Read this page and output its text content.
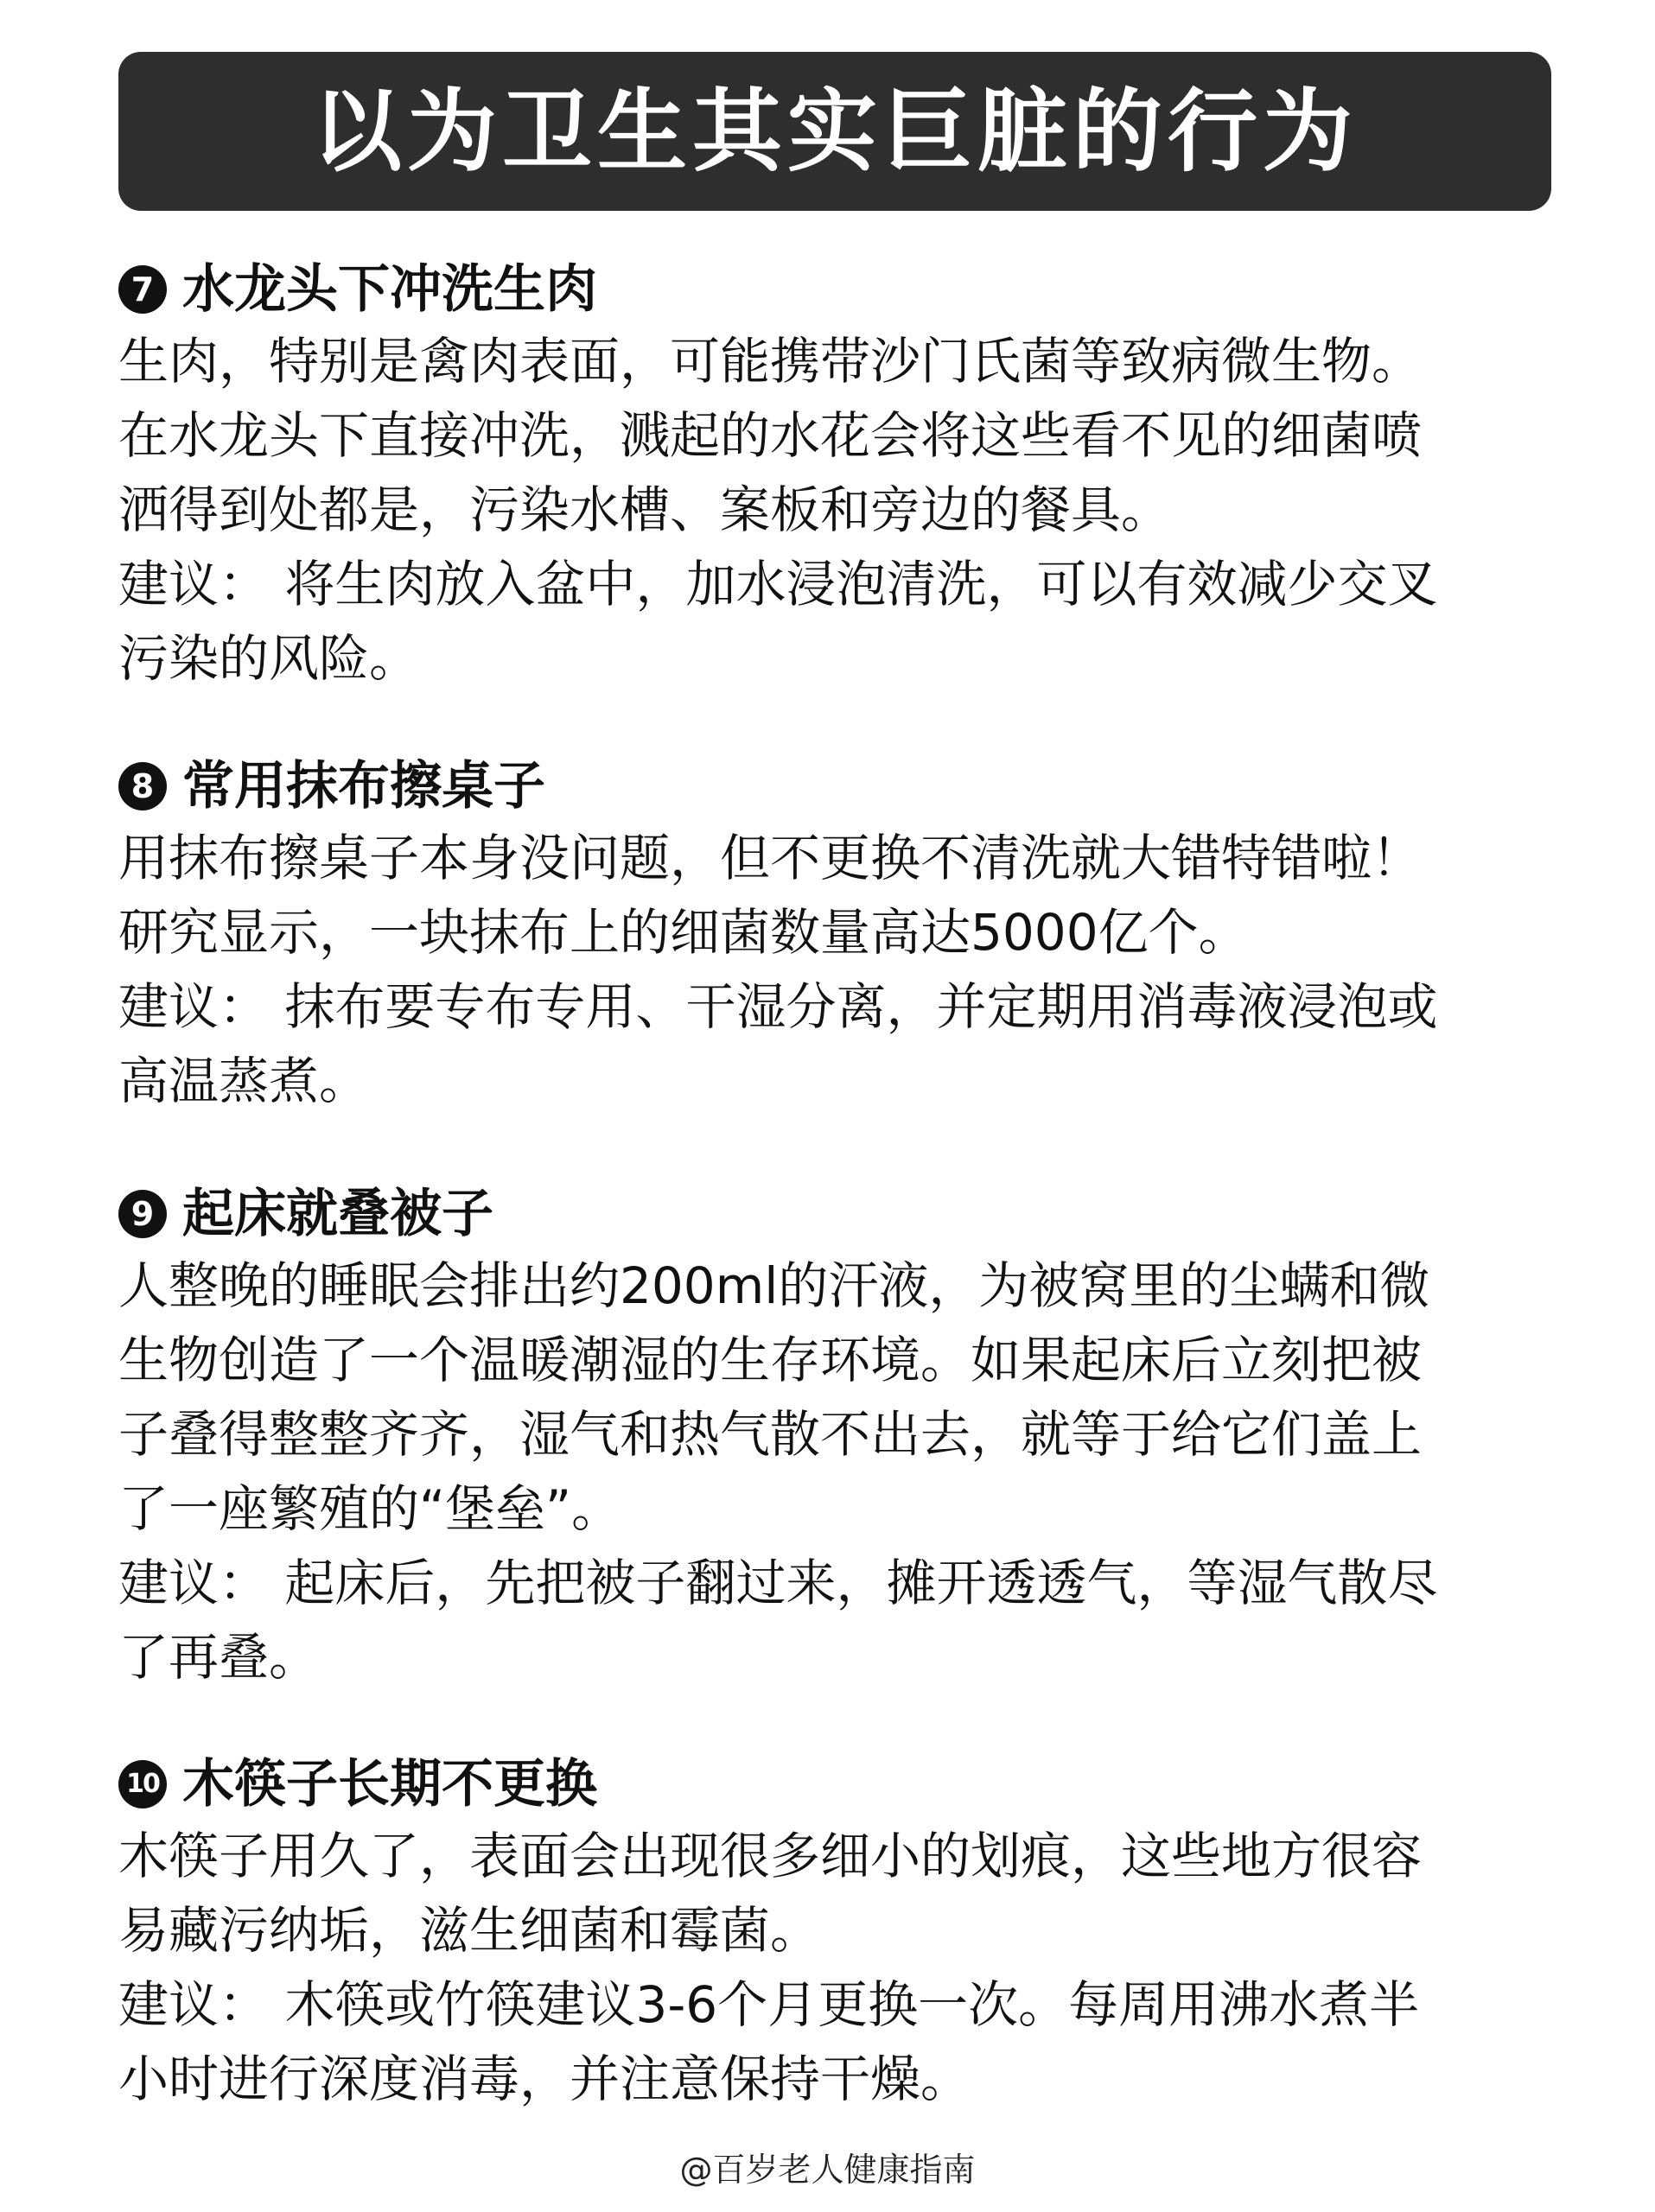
以为卫生其实巨脏的行为
7 水龙头下冲洗生肉

生肉，特别是禽肉表面，可能携带沙门氏菌等致病微生物。

在水龙头下直接冲洗，溅起的水花会将这些看不见的细菌喷

洒得到处都是，污染水槽、案板和旁边的餐具。

建议： 将生肉放入盆中，加水浸泡清洗，可以有效减少交叉

污染的风险。

8 常用抹布擦桌子

用抹布擦桌子本身没问题，但不更换不清洗就大错特错啦！

研究显示，一块抹布上的细菌数量高达5000亿个。

建议： 抹布要专布专用、干湿分离，并定期用消毒液浸泡或

高温蒸煮。

9 起床就叠被子

人整晚的睡眠会排出约200ml的汗液，为被窝里的尘螨和微

生物创造了一个温暖潮湿的生存环境。如果起床后立刻把被

子叠得整整齐齐，湿气和热气散不出去，就等于给它们盖上

了一座繁殖的“堡垒”。

建议： 起床后，先把被子翻过来，摊开透透气，等湿气散尽

了再叠。

10 木筷子长期不更换

木筷子用久了，表面会出现很多细小的划痕，这些地方很容

易藏污纳垢，滋生细菌和霉菌。

建议： 木筷或竹筷建议3-6个月更换一次。每周用沸水煮半

小时进行深度消毒，并注意保持干燥。

@百岁老人健康指南
